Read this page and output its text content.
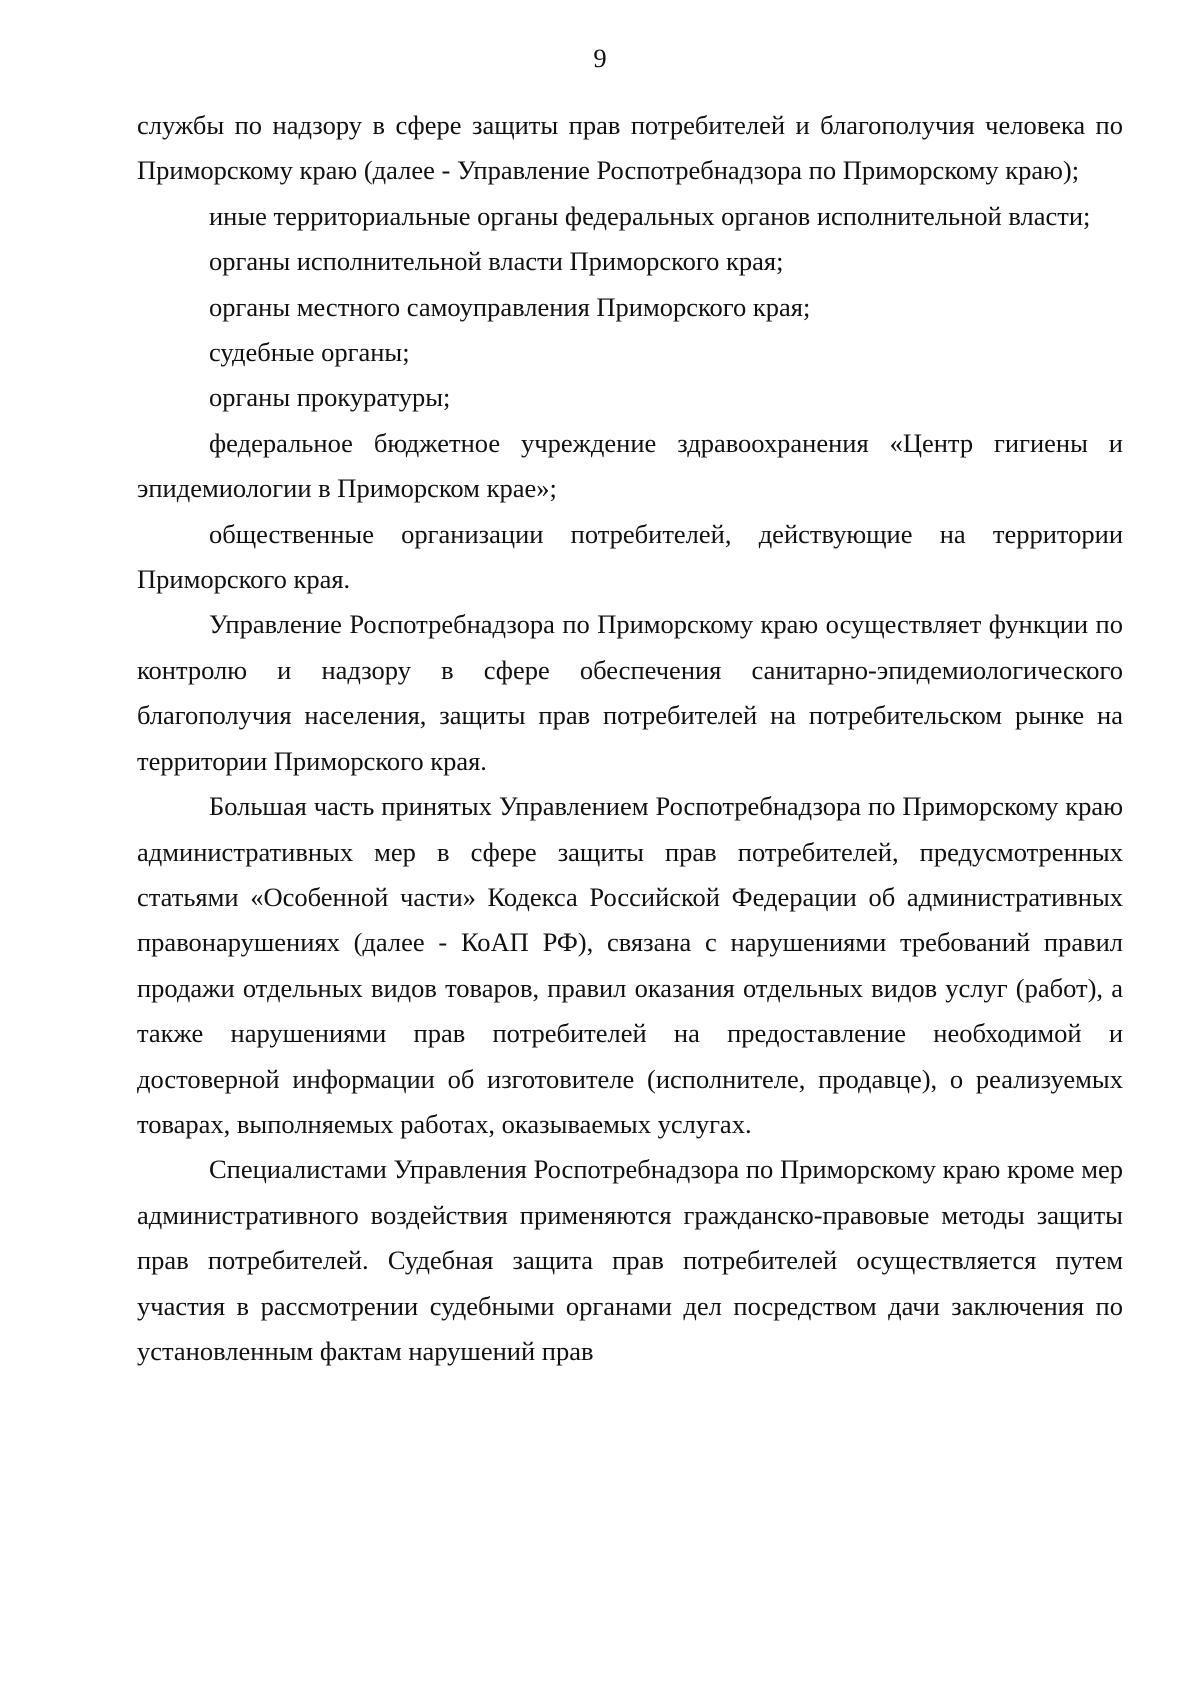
9

службы по надзору в сфере защиты прав потребителей и благополучия человека по Приморскому краю (далее - Управление Роспотребнадзора по Приморскому краю);

иные территориальные органы федеральных органов исполнительной власти;

органы исполнительной власти Приморского края;

органы местного самоуправления Приморского края;

судебные органы;

органы прокуратуры;

федеральное бюджетное учреждение здравоохранения «Центр гигиены и эпидемиологии в Приморском крае»;

общественные организации потребителей, действующие на территории Приморского края.

Управление Роспотребнадзора по Приморскому краю осуществляет функции по контролю и надзору в сфере обеспечения санитарно-эпидемиологического благополучия населения, защиты прав потребителей на потребительском рынке на территории Приморского края.

Большая часть принятых Управлением Роспотребнадзора по Приморскому краю административных мер в сфере защиты прав потребителей, предусмотренных статьями «Особенной части» Кодекса Российской Федерации об административных правонарушениях (далее - КоАП РФ), связана с нарушениями требований правил продажи отдельных видов товаров, правил оказания отдельных видов услуг (работ), а также нарушениями прав потребителей на предоставление необходимой и достоверной информации об изготовителе (исполнителе, продавце), о реализуемых товарах, выполняемых работах, оказываемых услугах.

Специалистами Управления Роспотребнадзора по Приморскому краю кроме мер административного воздействия применяются гражданско-правовые методы защиты прав потребителей. Судебная защита прав потребителей осуществляется путем участия в рассмотрении судебными органами дел посредством дачи заключения по установленным фактам нарушений прав
